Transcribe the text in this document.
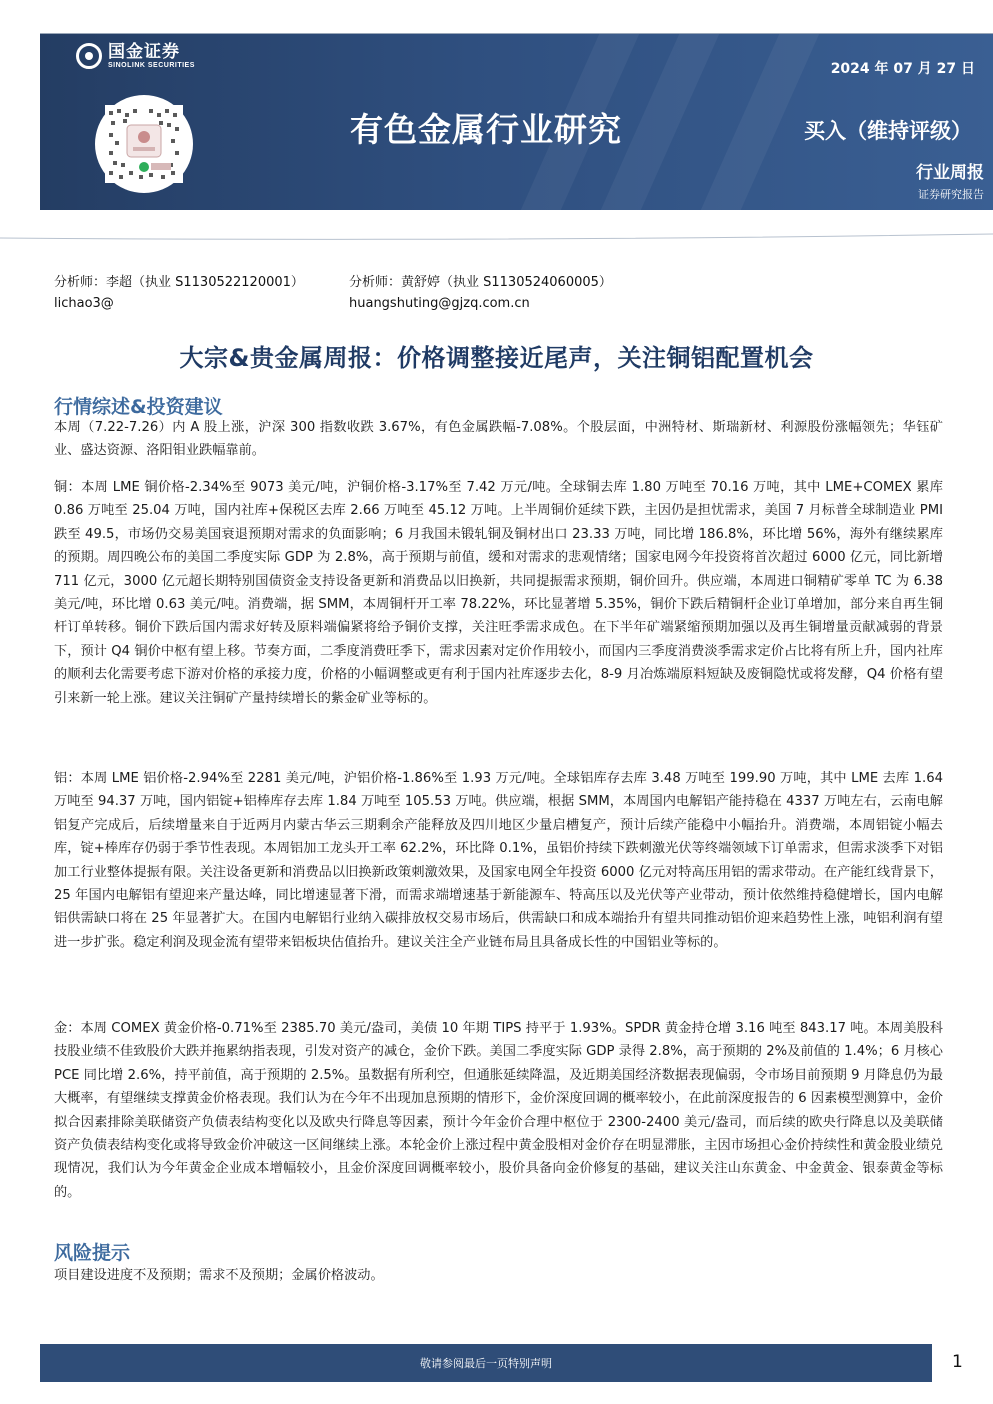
国金证券
SINOLINK SECURITIES	2024 年 07 月 27 日
有色金属行业研究	买入（维持评级）
行业周报
证券研究报告
分析师：李超（执业 S1130522120001）
lichao3@
分析师：黄舒婷（执业 S1130524060005）
huangshuting@gjzq.com.cn
大宗&贵金属周报：价格调整接近尾声，关注铜铝配置机会
行情综述&投资建议

本周（7.22-7.26）内 A 股上涨，沪深 300 指数收跌 3.67%，有色金属跌幅-7.08%。个股层面，中洲特材、斯瑞新材、利源股份涨幅领先；华钰矿业、盛达资源、洛阳钼业跌幅靠前。

铜：本周 LME 铜价格-2.34%至 9073 美元/吨，沪铜价格-3.17%至 7.42 万元/吨。全球铜去库 1.80 万吨至 70.16 万吨，其中 LME+COMEX 累库 0.86 万吨至 25.04 万吨，国内社库+保税区去库 2.66 万吨至 45.12 万吨。上半周铜价延续下跌，主因仍是担忧需求，美国 7 月标普全球制造业 PMI 跌至 49.5，市场仍交易美国衰退预期对需求的负面影响；6 月我国未锻轧铜及铜材出口 23.33 万吨，同比增 186.8%，环比增 56%，海外有继续累库的预期。周四晚公布的美国二季度实际 GDP 为 2.8%，高于预期与前值，缓和对需求的悲观情绪；国家电网今年投资将首次超过 6000 亿元，同比新增 711 亿元，3000 亿元超长期特别国债资金支持设备更新和消费品以旧换新，共同提振需求预期，铜价回升。供应端，本周进口铜精矿零单 TC 为 6.38 美元/吨，环比增 0.63 美元/吨。消费端，据 SMM，本周铜杆开工率 78.22%，环比显著增 5.35%，铜价下跌后精铜杆企业订单增加，部分来自再生铜杆订单转移。铜价下跌后国内需求好转及原料端偏紧将给予铜价支撑，关注旺季需求成色。在下半年矿端紧缩预期加强以及再生铜增量贡献减弱的背景下，预计 Q4 铜价中枢有望上移。节奏方面，二季度消费旺季下，需求因素对定价作用较小，而国内三季度消费淡季需求定价占比将有所上升，国内社库的顺利去化需要考虑下游对价格的承接力度，价格的小幅调整或更有利于国内社库逐步去化，8-9 月冶炼端原料短缺及废铜隐忧或将发酵，Q4 价格有望引来新一轮上涨。建议关注铜矿产量持续增长的紫金矿业等标的。

铝：本周 LME 铝价格-2.94%至 2281 美元/吨，沪铝价格-1.86%至 1.93 万元/吨。全球铝库存去库 3.48 万吨至 199.90 万吨，其中 LME 去库 1.64 万吨至 94.37 万吨，国内铝锭+铝棒库存去库 1.84 万吨至 105.53 万吨。供应端，根据 SMM，本周国内电解铝产能持稳在 4337 万吨左右，云南电解铝复产完成后，后续增量来自于近两月内蒙古华云三期剩余产能释放及四川地区少量启槽复产，预计后续产能稳中小幅抬升。消费端，本周铝锭小幅去库，锭+棒库存仍弱于季节性表现。本周铝加工龙头开工率 62.2%，环比降 0.1%，虽铝价持续下跌刺激光伏等终端领域下订单需求，但需求淡季下对铝加工行业整体提振有限。关注设备更新和消费品以旧换新政策刺激效果，及国家电网全年投资 6000 亿元对特高压用铝的需求带动。在产能红线背景下，25 年国内电解铝有望迎来产量达峰，同比增速显著下滑，而需求端增速基于新能源车、特高压以及光伏等产业带动，预计依然维持稳健增长，国内电解铝供需缺口将在 25 年显著扩大。在国内电解铝行业纳入碳排放权交易市场后，供需缺口和成本端抬升有望共同推动铝价迎来趋势性上涨，吨铝利润有望进一步扩张。稳定利润及现金流有望带来铝板块估值抬升。建议关注全产业链布局且具备成长性的中国铝业等标的。

金：本周 COMEX 黄金价格-0.71%至 2385.70 美元/盎司，美债 10 年期 TIPS 持平于 1.93%。SPDR 黄金持仓增 3.16 吨至 843.17 吨。本周美股科技股业绩不佳致股价大跌并拖累纳指表现，引发对资产的减仓，金价下跌。美国二季度实际 GDP 录得 2.8%，高于预期的 2%及前值的 1.4%；6 月核心 PCE 同比增 2.6%，持平前值，高于预期的 2.5%。虽数据有所利空，但通胀延续降温，及近期美国经济数据表现偏弱，令市场目前预期 9 月降息仍为最大概率，有望继续支撑黄金价格表现。我们认为在今年不出现加息预期的情形下，金价深度回调的概率较小，在此前深度报告的 6 因素模型测算中，金价拟合因素排除美联储资产负债表结构变化以及欧央行降息等因素，预计今年金价合理中枢位于 2300-2400 美元/盎司，而后续的欧央行降息以及美联储资产负债表结构变化或将导致金价冲破这一区间继续上涨。本轮金价上涨过程中黄金股相对金价存在明显滞胀，主因市场担心金价持续性和黄金股业绩兑现情况，我们认为今年黄金企业成本增幅较小，且金价深度回调概率较小，股价具备向金价修复的基础，建议关注山东黄金、中金黄金、银泰黄金等标的。

风险提示

项目建设进度不及预期；需求不及预期；金属价格波动。

敬请参阅最后一页特别声明	1
